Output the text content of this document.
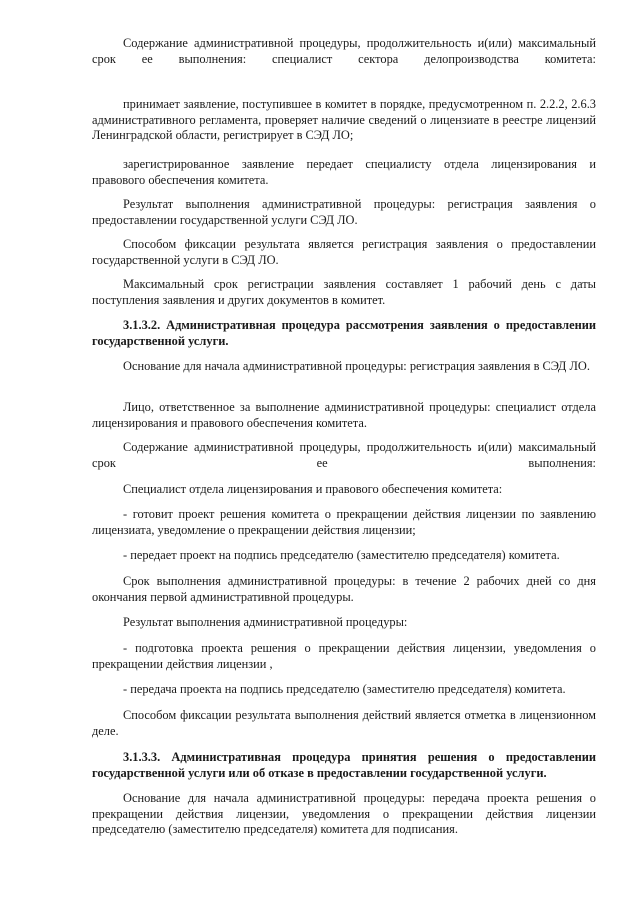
Содержание административной процедуры, продолжительность и(или) максимальный срок ее выполнения: специалист сектора делопроизводства комитета:

принимает заявление, поступившее в комитет в порядке, предусмотренном п. 2.2.2, 2.6.3 административного регламента, проверяет наличие сведений о лицензиате в реестре лицензий Ленинградской области, регистрирует в СЭД ЛО;

зарегистрированное заявление передает специалисту отдела лицензирования и правового обеспечения комитета.

Результат выполнения административной процедуры: регистрация заявления о предоставлении государственной услуги СЭД ЛО.

Способом фиксации результата является регистрация заявления о предоставлении государственной услуги в СЭД ЛО.

Максимальный срок регистрации заявления составляет 1 рабочий день с даты поступления заявления и других документов в комитет.

3.1.3.2. Административная процедура рассмотрения заявления о предоставлении государственной услуги.

Основание для начала административной процедуры: регистрация заявления в СЭД ЛО.

Лицо, ответственное за выполнение административной процедуры: специалист отдела лицензирования и правового обеспечения комитета.

Содержание административной процедуры, продолжительность и(или) максимальный срок ее выполнения:

Специалист отдела лицензирования и правового обеспечения комитета:

- готовит проект решения комитета о прекращении действия лицензии по заявлению лицензиата, уведомление о прекращении действия лицензии;

- передает проект на подпись председателю (заместителю председателя) комитета.

Срок выполнения административной процедуры: в течение 2 рабочих дней со дня окончания первой административной процедуры.

Результат выполнения административной процедуры:

- подготовка проекта решения о прекращении действия лицензии, уведомления о прекращении действия лицензии ,

- передача проекта на подпись председателю (заместителю председателя) комитета.

Способом фиксации результата выполнения действий является отметка в лицензионном деле.

3.1.3.3. Административная процедура принятия решения о предоставлении государственной услуги или об отказе в предоставлении государственной услуги.

Основание для начала административной процедуры: передача проекта решения о прекращении действия лицензии, уведомления о прекращении действия лицензии председателю (заместителю председателя) комитета для подписания.
